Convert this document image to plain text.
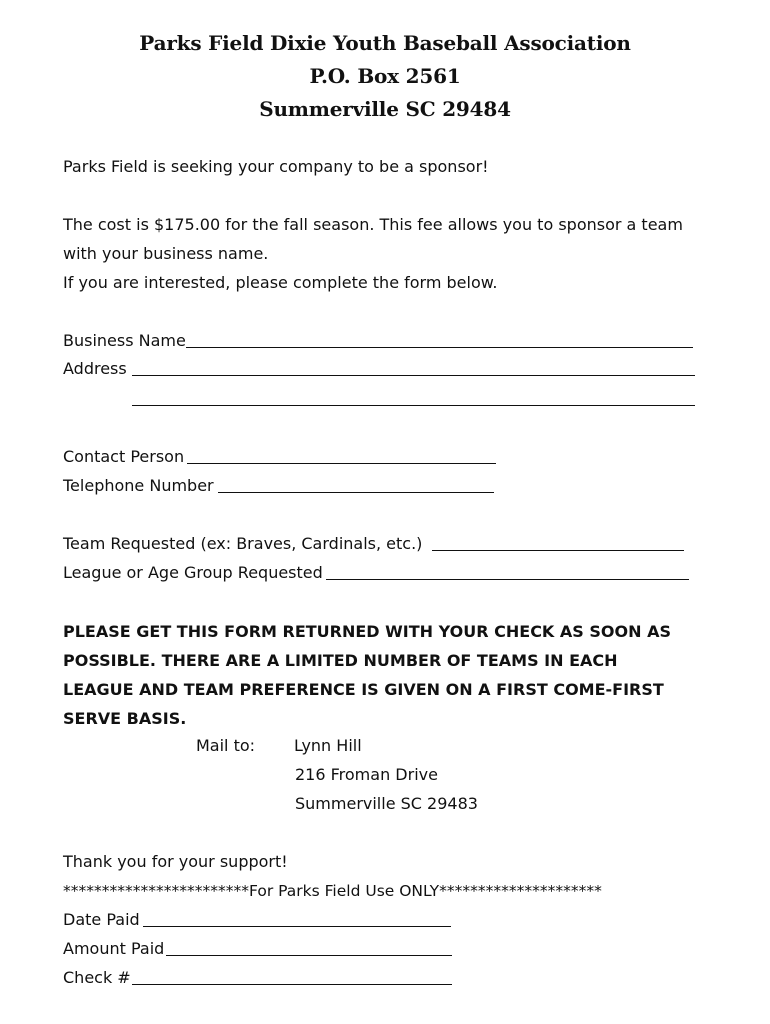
Parks Field Dixie Youth Baseball Association
P.O. Box 2561
Summerville SC 29484
Parks Field is seeking your company to be a sponsor!
The cost is $175.00 for the fall season. This fee allows you to sponsor a team
with your business name.
If you are interested, please complete the form below.
Business Name
Address
Contact Person
Telephone Number
Team Requested (ex: Braves, Cardinals, etc.)
League or Age Group Requested
PLEASE GET THIS FORM RETURNED WITH YOUR CHECK AS SOON AS
POSSIBLE. THERE ARE A LIMITED NUMBER OF TEAMS IN EACH
LEAGUE AND TEAM PREFERENCE IS GIVEN ON A FIRST COME-FIRST
SERVE BASIS.
Mail to: Lynn Hill
216 Froman Drive
Summerville SC 29483
Thank you for your support!
************************For Parks Field Use ONLY*********************
Date Paid
Amount Paid
Check #
